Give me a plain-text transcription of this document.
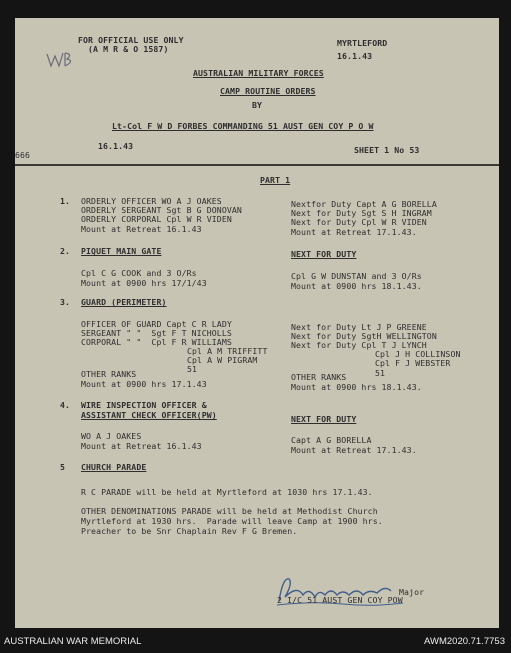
FOR OFFICIAL USE ONLY
(A M R & O 1587)
MYRTLEFORD
16.1.43
AUSTRALIAN MILITARY FORCES
CAMP ROUTINE ORDERS
BY
Lt-Col F W D FORBES COMMANDING 51 AUST GEN COY P O W
666
16.1.43	SHEET 1 No 53
PART 1
1. ORDERLY OFFICER WO A J OAKES
ORDERLY SERGEANT Sgt B G DONOVAN
ORDERLY CORPORAL Cpl W R VIDEN
Mount at Retreat 16.1.43
Nextfor Duty Capt A G BORELLA
Next for Duty Sgt S H INGRAM
Next for Duty Cpl W R VIDEN
Mount at Retreat 17.1.43.
2. PIQUET MAIN GATE	NEXT FOR DUTY
Cpl C G COOK and 3 O/Rs
Mount at 0900 hrs 17/1/43
Cpl G W DUNSTAN and 3 O/Rs
Mount at 0900 hrs 18.1.43.
3. GUARD (PERIMETER)
OFFICER OF GUARD Capt C R LADY
SERGEANT " "  Sgt F T NICHOLLS
CORPORAL " "  Cpl F R WILLIAMS
Cpl A M TRIFFITT
Cpl A W PIGRAM
OTHER RANKS	51
Mount at 0900 hrs 17.1.43
Next for Duty Lt J P GREENE
Next for Duty SgtH WELLINGTON
Next for Duty Cpl T J LYNCH
Cpl J H COLLINSON
Cpl F J WEBSTER
OTHER RANKS	51
Mount at 0900 hrs 18.1.43.
4. WIRE INSPECTION OFFICER &
ASSISTANT CHECK OFFICER(PW)	NEXT FOR DUTY
WO A J OAKES
Mount at Retreat 16.1.43
Capt A G BORELLA
Mount at Retreat 17.1.43.
5 CHURCH PARADE
R C PARADE will be held at Myrtleford at 1030 hrs 17.1.43.
OTHER DENOMINATIONS PARADE will be held at Methodist Church
Myrtleford at 1930 hrs.  Parade will leave Camp at 1900 hrs.
Preacher to be Snr Chaplain Rev F G Bremen.
Major
2 I/C 51 AUST GEN COY POW
AUSTRALIAN WAR MEMORIAL	AWM2020.71.7753
